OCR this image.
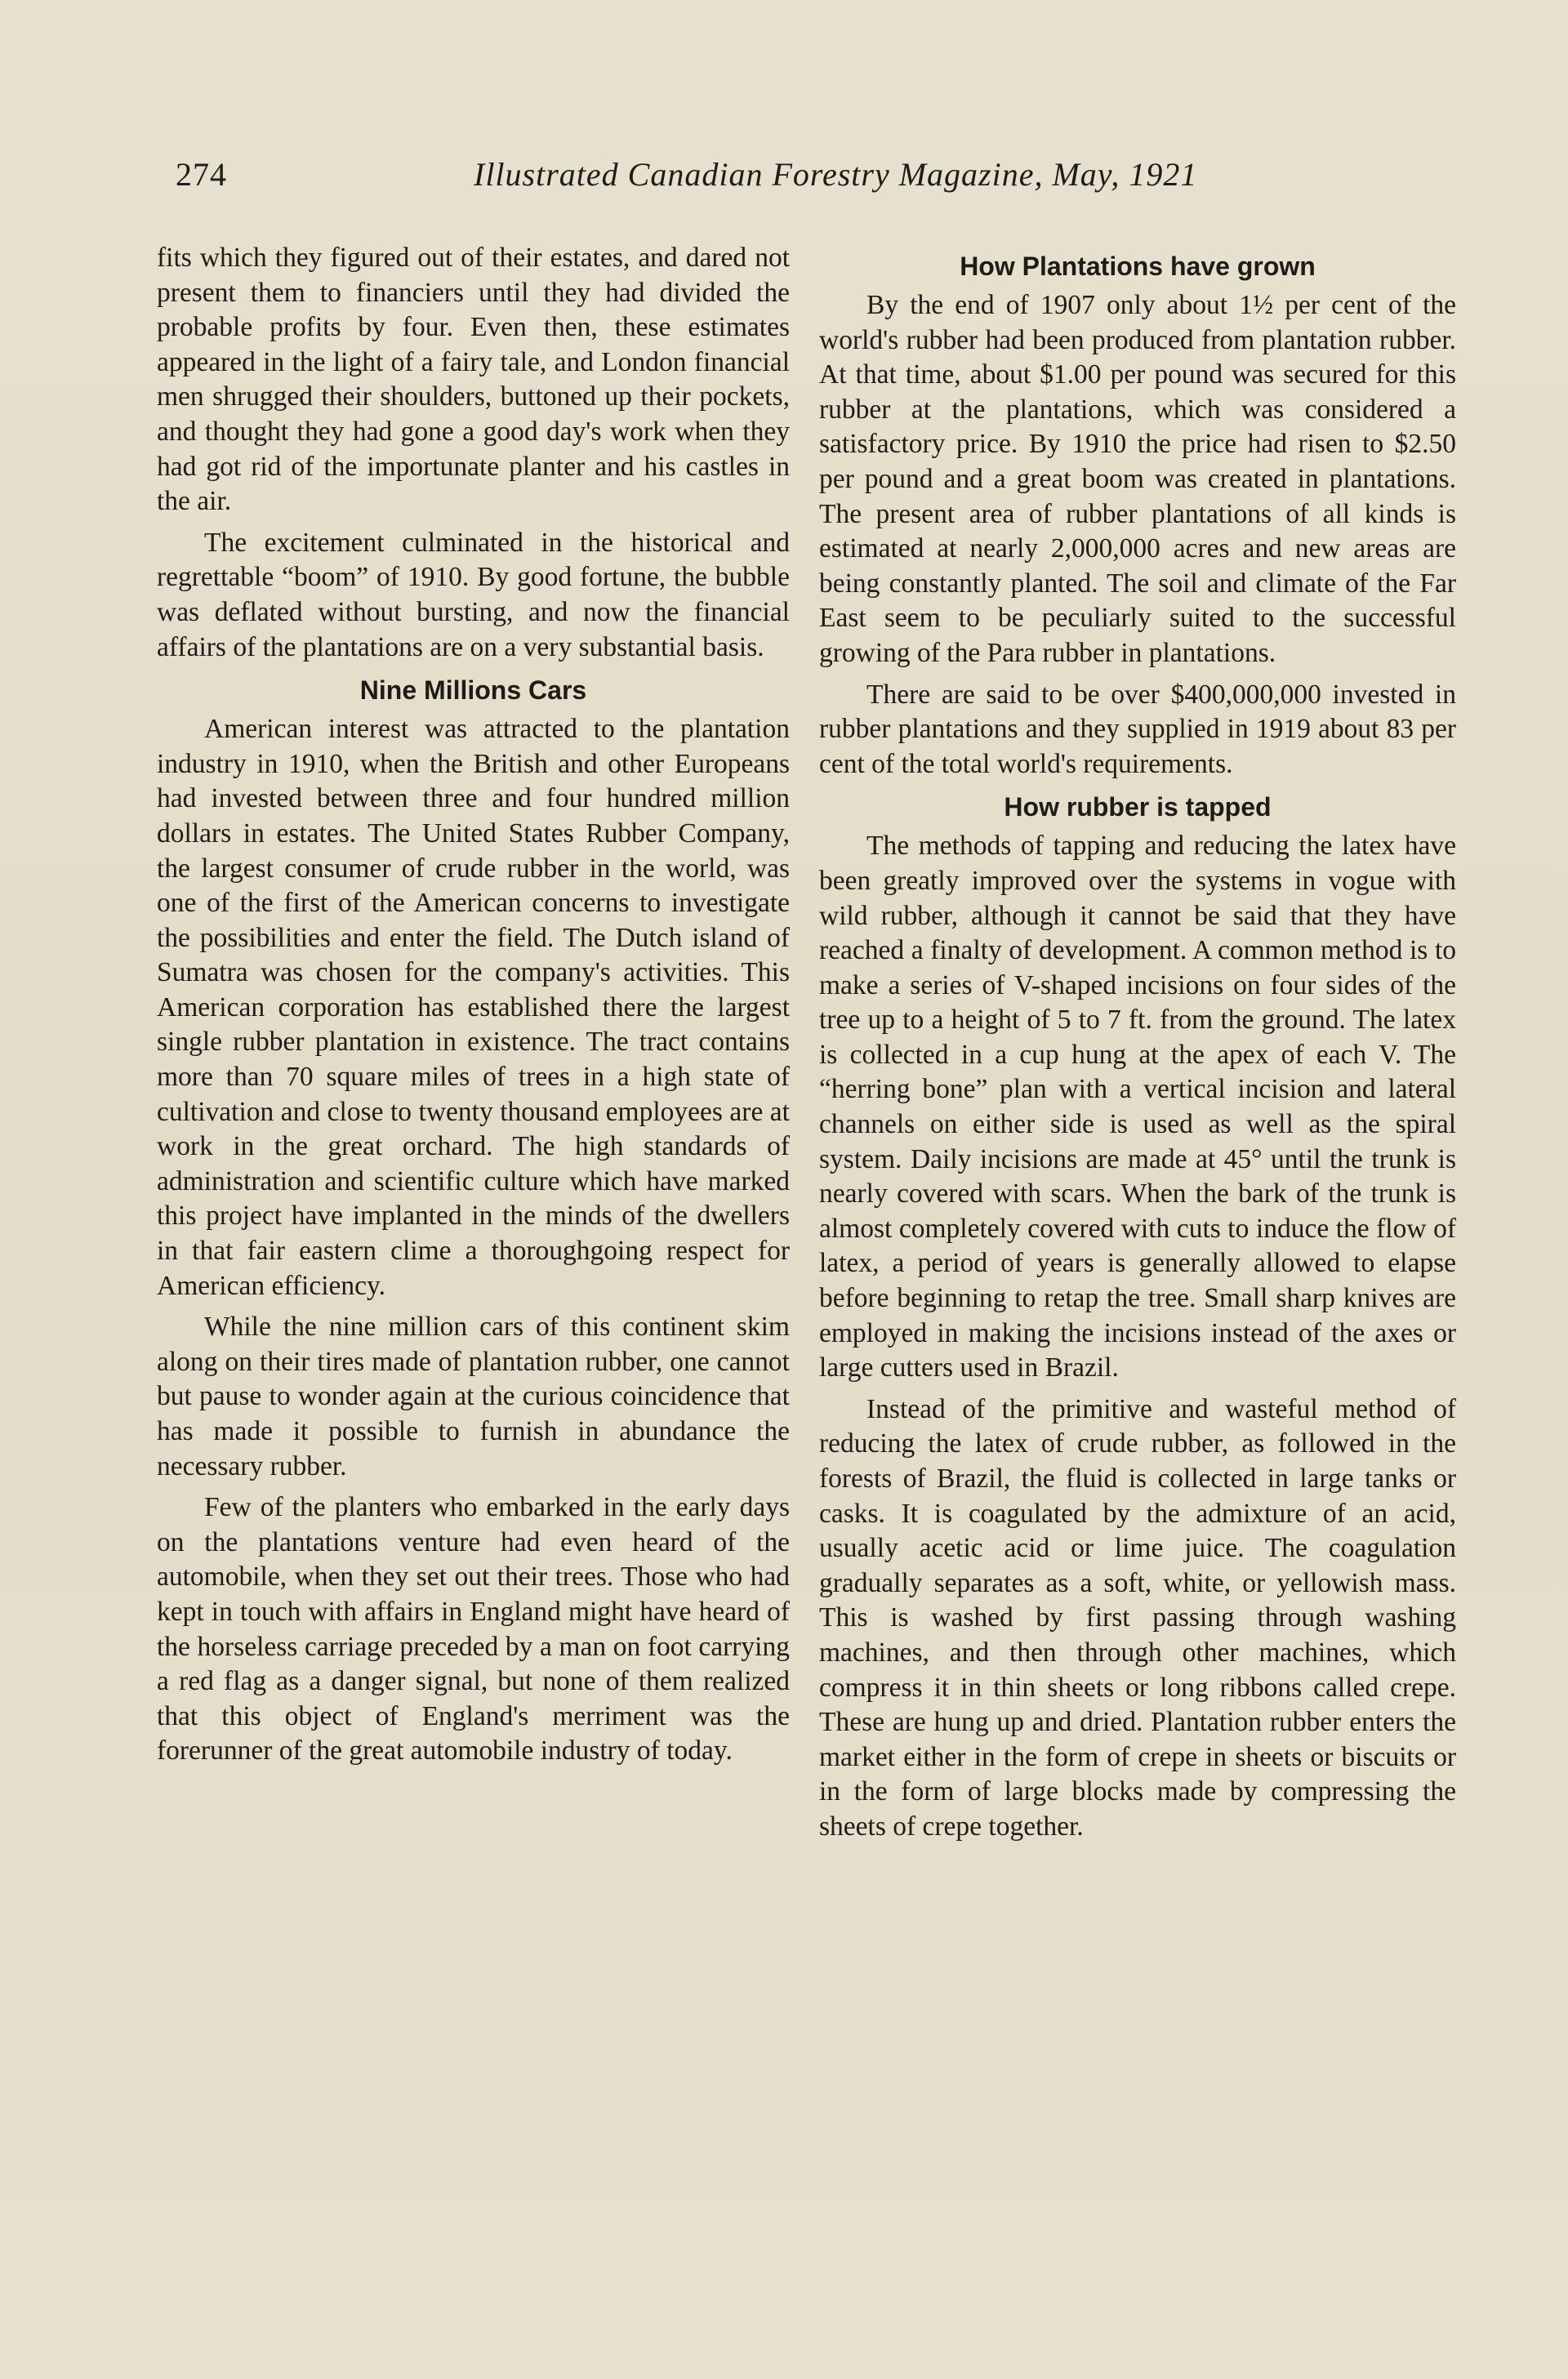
274	Illustrated Canadian Forestry Magazine, May, 1921

fits which they figured out of their estates, and dared not present them to financiers until they had divided the probable profits by four. Even then, these estimates appeared in the light of a fairy tale, and London financial men shrugged their shoulders, buttoned up their pockets, and thought they had gone a good day's work when they had got rid of the importunate planter and his castles in the air.

The excitement culminated in the historical and regrettable “boom” of 1910. By good fortune, the bubble was deflated without bursting, and now the financial affairs of the plantations are on a very substantial basis.

Nine Millions Cars

American interest was attracted to the plantation industry in 1910, when the British and other Europeans had invested between three and four hundred million dollars in estates. The United States Rubber Company, the largest consumer of crude rubber in the world, was one of the first of the American concerns to investigate the possibilities and enter the field. The Dutch island of Sumatra was chosen for the company's activities. This American corporation has established there the largest single rubber plantation in existence. The tract contains more than 70 square miles of trees in a high state of cultivation and close to twenty thousand employees are at work in the great orchard. The high standards of administration and scientific culture which have marked this project have implanted in the minds of the dwellers in that fair eastern clime a thoroughgoing respect for American efficiency.

While the nine million cars of this continent skim along on their tires made of plantation rubber, one cannot but pause to wonder again at the curious coincidence that has made it possible to furnish in abundance the necessary rubber.

Few of the planters who embarked in the early days on the plantations venture had even heard of the automobile, when they set out their trees. Those who had kept in touch with affairs in England might have heard of the horseless carriage preceded by a man on foot carrying a red flag as a danger signal, but none of them realized that this object of England's merriment was the forerunner of the great automobile industry of today.

How Plantations have grown

By the end of 1907 only about 1½ per cent of the world's rubber had been produced from plantation rubber. At that time, about $1.00 per pound was secured for this rubber at the plantations, which was considered a satisfactory price. By 1910 the price had risen to $2.50 per pound and a great boom was created in plantations. The present area of rubber plantations of all kinds is estimated at nearly 2,000,000 acres and new areas are being constantly planted. The soil and climate of the Far East seem to be peculiarly suited to the successful growing of the Para rubber in plantations.

There are said to be over $400,000,000 invested in rubber plantations and they supplied in 1919 about 83 per cent of the total world's requirements.

How rubber is tapped

The methods of tapping and reducing the latex have been greatly improved over the systems in vogue with wild rubber, although it cannot be said that they have reached a finalty of development. A common method is to make a series of V-shaped incisions on four sides of the tree up to a height of 5 to 7 ft. from the ground. The latex is collected in a cup hung at the apex of each V. The “herring bone” plan with a vertical incision and lateral channels on either side is used as well as the spiral system. Daily incisions are made at 45° until the trunk is nearly covered with scars. When the bark of the trunk is almost completely covered with cuts to induce the flow of latex, a period of years is generally allowed to elapse before beginning to retap the tree. Small sharp knives are employed in making the incisions instead of the axes or large cutters used in Brazil.

Instead of the primitive and wasteful method of reducing the latex of crude rubber, as followed in the forests of Brazil, the fluid is collected in large tanks or casks. It is coagulated by the admixture of an acid, usually acetic acid or lime juice. The coagulation gradually separates as a soft, white, or yellowish mass. This is washed by first passing through washing machines, and then through other machines, which compress it in thin sheets or long ribbons called crepe. These are hung up and dried. Plantation rubber enters the market either in the form of crepe in sheets or biscuits or in the form of large blocks made by compressing the sheets of crepe together.
